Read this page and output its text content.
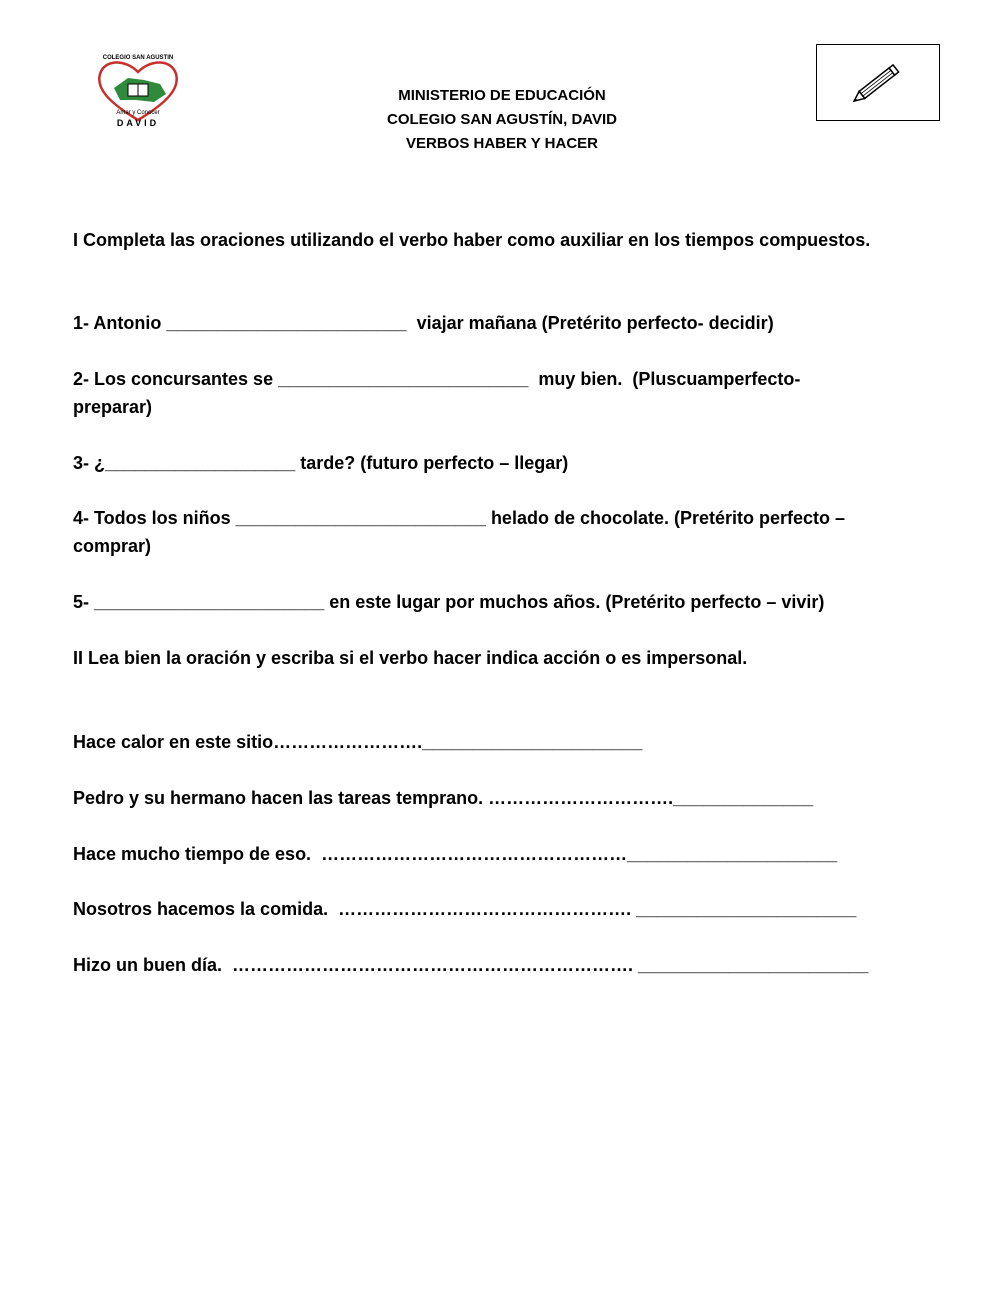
COLEGIO SAN AGUSTIN
Amar y Conocer
DAVID
MINISTERIO DE EDUCACIÓN
COLEGIO SAN AGUSTÍN, DAVID
VERBOS HABER Y HACER
I Completa las oraciones utilizando el verbo haber como auxiliar en los tiempos compuestos.
1- Antonio ________________________  viajar mañana (Pretérito perfecto- decidir)
2- Los concursantes se _________________________  muy bien.  (Pluscuamperfecto-
preparar)
3- ¿___________________ tarde? (futuro perfecto – llegar)
4- Todos los niños _________________________ helado de chocolate. (Pretérito perfecto –
comprar)
5- _______________________ en este lugar por muchos años. (Pretérito perfecto – vivir)
II Lea bien la oración y escriba si el verbo hacer indica acción o es impersonal.
Hace calor en este sitio…………………….______________________
Pedro y su hermano hacen las tareas temprano. ………………………….______________
Hace mucho tiempo de eso.  ……………………………………………_____________________
Nosotros hacemos la comida.  …………………………………………. ______________________
Hizo un buen día.  …………………………………………………………. _______________________
